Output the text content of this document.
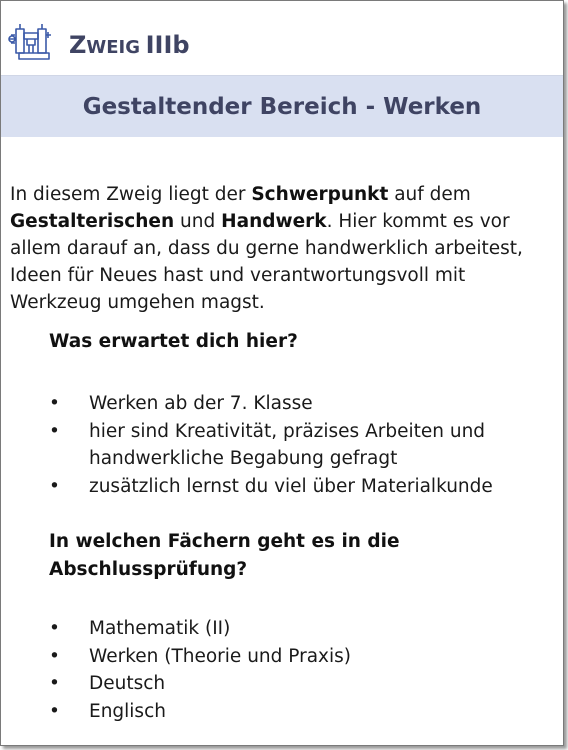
ZWEIG IIIb
Gestaltender Bereich - Werken
In diesem Zweig liegt der Schwerpunkt auf dem Gestalterischen und Handwerk. Hier kommt es vor allem darauf an, dass du gerne handwerklich arbeitest, Ideen für Neues hast und verantwortungsvoll mit Werkzeug umgehen magst.
Was erwartet dich hier?
•	Werken ab der 7. Klasse
•	hier sind Kreativität, präzises Arbeiten und handwerkliche Begabung gefragt
•	zusätzlich lernst du viel über Materialkunde
In welchen Fächern geht es in die Abschlussprüfung?
•	Mathematik (II)
•	Werken (Theorie und Praxis)
•	Deutsch
•	Englisch
